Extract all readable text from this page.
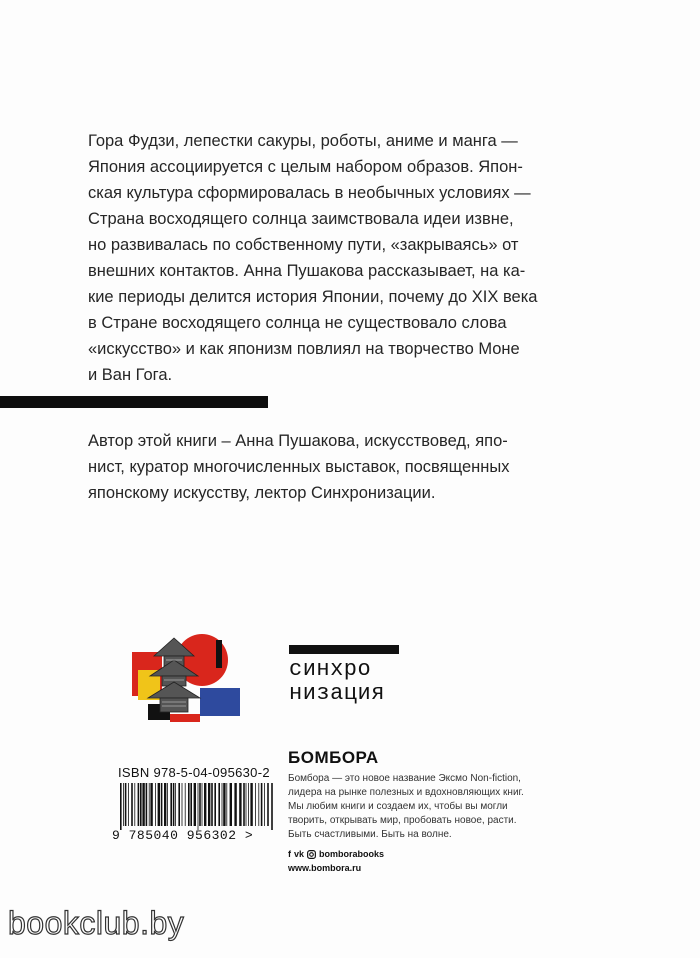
Гора Фудзи, лепестки сакуры, роботы, аниме и манга —
Япония ассоциируется с целым набором образов. Япон-
ская культура сформировалась в необычных условиях —
Страна восходящего солнца заимствовала идеи извне,
но развивалась по собственному пути, «закрываясь» от
внешних контактов. Анна Пушакова рассказывает, на ка-
кие периоды делится история Японии, почему до XIX века
в Стране восходящего солнца не существовало слова
«искусство» и как японизм повлиял на творчество Моне
и Ван Гога.
Автор этой книги – Анна Пушакова, искусствовед, япо-
нист, куратор многочисленных выставок, посвященных
японскому искусству, лектор Синхронизации.
синхро
низация
ISBN 978-5-04-095630-2
9 785040 956302 >
БОМБОРА
Бомбора — это новое название Эксмо Non-fiction,
лидера на рынке полезных и вдохновляющих книг.
Мы любим книги и создаем их, чтобы вы могли
творить, открывать мир, пробовать новое, расти.
Быть счастливыми. Быть на волне.
f vk bomborabooks
www.bombora.ru
bookclub.by
